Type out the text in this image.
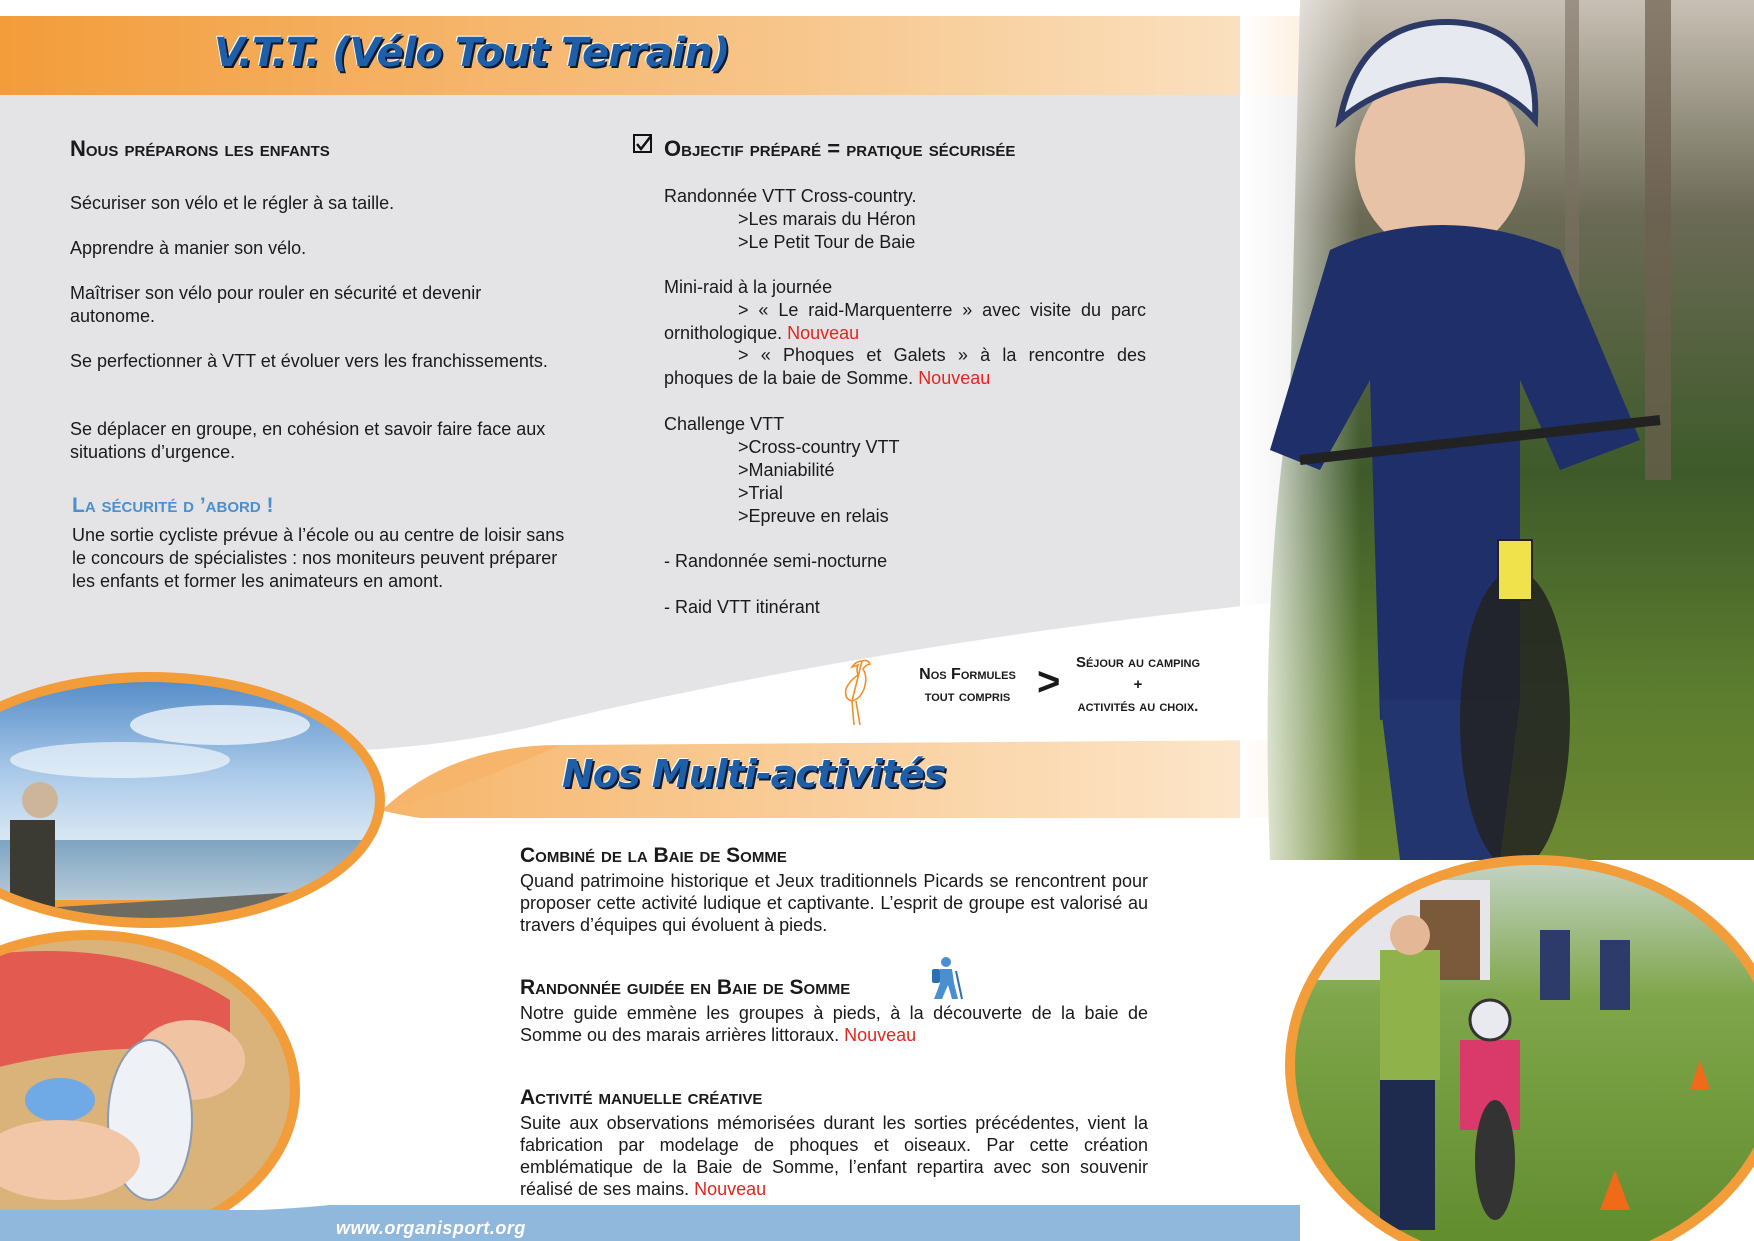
V.T.T. (Vélo Tout Terrain)
Nous préparons les enfants
Sécuriser son vélo et le régler à sa taille.
Apprendre à manier son vélo.
Maîtriser son vélo pour rouler en sécurité et devenir autonome.
Se perfectionner à VTT et évoluer vers les franchissements.
Se déplacer en groupe, en cohésion et savoir faire face aux situations d’urgence.
La sécurité d ’abord !
Une sortie cycliste prévue à l’école ou au centre de loisir sans le concours de spécialistes : nos moniteurs peuvent préparer les enfants et former les animateurs en amont.
Objectif préparé = pratique sécurisée
Randonnée VTT Cross-country.
>Les marais du Héron
>Le Petit Tour de Baie
Mini-raid à la journée
> « Le raid-Marquenterre » avec visite du parc ornithologique. Nouveau
> « Phoques et Galets » à la rencontre des phoques de la baie de Somme. Nouveau
Challenge VTT
>Cross-country VTT
>Maniabilité
>Trial
>Epreuve en relais
- Randonnée semi-nocturne
- Raid VTT itinérant
Nos Formules
tout compris >	Séjour au camping
+
activités au choix.
Nos Multi-activités
Combiné de la Baie de Somme
Quand patrimoine historique et Jeux traditionnels Picards se rencontrent pour proposer cette activité ludique et captivante. L’esprit de groupe est valorisé au travers d’équipes qui évoluent à pieds.
Randonnée guidée en Baie de Somme
Notre guide emmène les groupes à pieds, à la découverte de la baie de Somme ou des marais arrières littoraux. Nouveau
Activité manuelle créative
Suite aux observations mémorisées durant les sorties précédentes, vient la fabrication par modelage de phoques et oiseaux. Par cette création emblématique de la Baie de Somme, l’enfant repartira avec son souvenir réalisé de ses mains. Nouveau
www.organisport.org
